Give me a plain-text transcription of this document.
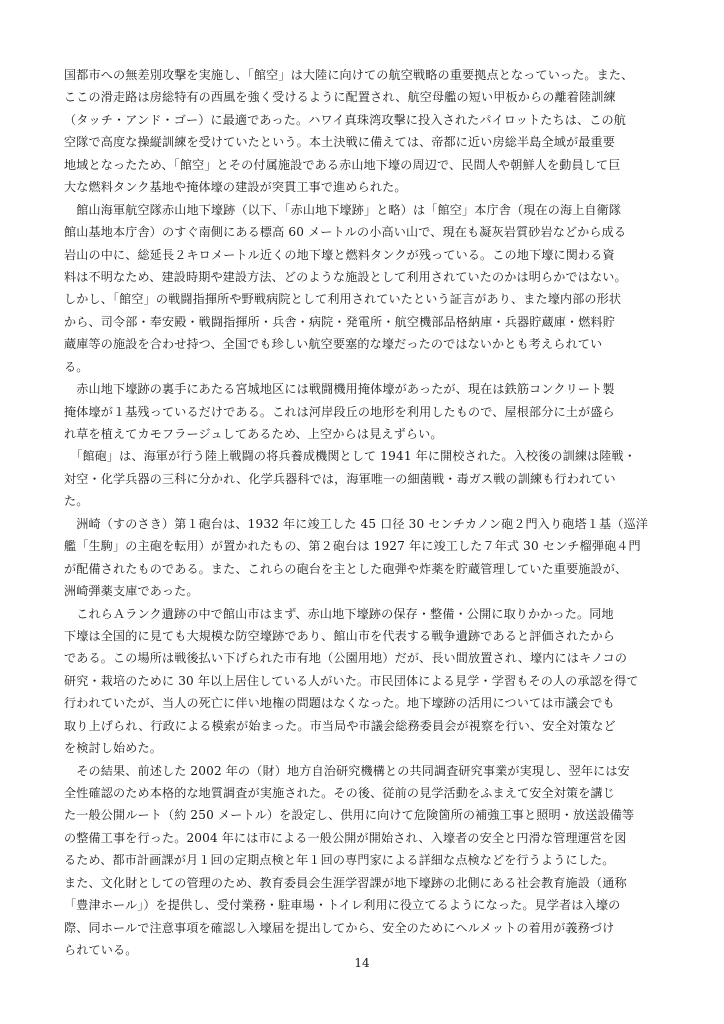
国都市への無差別攻撃を実施し、「館空」は大陸に向けての航空戦略の重要拠点となっていった。また、
ここの滑走路は房総特有の西風を強く受けるように配置され、航空母艦の短い甲板からの離着陸訓練
（タッチ・アンド・ゴー）に最適であった。ハワイ真珠湾攻撃に投入されたパイロットたちは、この航
空隊で高度な操縦訓練を受けていたという。本土決戦に備えては、帝都に近い房総半島全域が最重要
地域となったため、「館空」とその付属施設である赤山地下壕の周辺で、民間人や朝鮮人を動員して巨
大な燃料タンク基地や掩体壕の建設が突貫工事で進められた。
　館山海軍航空隊赤山地下壕跡（以下、「赤山地下壕跡」と略）は「館空」本庁舎（現在の海上自衛隊
館山基地本庁舎）のすぐ南側にある標高 60 メートルの小高い山で、現在も凝灰岩質砂岩などから成る
岩山の中に、総延長２キロメートル近くの地下壕と燃料タンクが残っている。この地下壕に関わる資
料は不明なため、建設時期や建設方法、どのような施設として利用されていたのかは明らかではない。
しかし、「館空」の戦闘指揮所や野戦病院として利用されていたという証言があり、また壕内部の形状
から、司令部・奉安殿・戦闘指揮所・兵舎・病院・発電所・航空機部品格納庫・兵器貯蔵庫・燃料貯
蔵庫等の施設を合わせ持つ、全国でも珍しい航空要塞的な壕だったのではないかとも考えられてい
る。
　赤山地下壕跡の裏手にあたる宮城地区には戦闘機用掩体壕があったが、現在は鉄筋コンクリート製
掩体壕が１基残っているだけである。これは河岸段丘の地形を利用したもので、屋根部分に土が盛ら
れ草を植えてカモフラージュしてあるため、上空からは見えずらい。
　「館砲」は、海軍が行う陸上戦闘の将兵養成機関として 1941 年に開校された。入校後の訓練は陸戦・
対空・化学兵器の三科に分かれ、化学兵器科では，海軍唯一の細菌戦・毒ガス戦の訓練も行われてい
た。
　洲崎（すのさき）第１砲台は、1932 年に竣工した 45 口径 30 センチカノン砲２門入り砲塔１基（巡洋
艦「生駒」の主砲を転用）が置かれたもの、第２砲台は 1927 年に竣工した７年式 30 センチ榴弾砲４門
が配備されたものである。また、これらの砲台を主とした砲弾や炸薬を貯蔵管理していた重要施設が、
洲崎弾薬支庫であった。
　これらＡランク遺跡の中で館山市はまず、赤山地下壕跡の保存・整備・公開に取りかかった。同地
下壕は全国的に見ても大規模な防空壕跡であり、館山市を代表する戦争遺跡であると評価されたから
である。この場所は戦後払い下げられた市有地（公園用地）だが、長い間放置され、壕内にはキノコの
研究・栽培のために 30 年以上居住している人がいた。市民団体による見学・学習もその人の承認を得て
行われていたが、当人の死亡に伴い地権の問題はなくなった。地下壕跡の活用については市議会でも
取り上げられ、行政による模索が始まった。市当局や市議会総務委員会が視察を行い、安全対策など
を検討し始めた。
　その結果、前述した 2002 年の（財）地方自治研究機構との共同調査研究事業が実現し、翌年には安
全性確認のため本格的な地質調査が実施された。その後、従前の見学活動をふまえて安全対策を講じ
た一般公開ルート（約 250 メートル）を設定し、供用に向けて危険箇所の補強工事と照明・放送設備等
の整備工事を行った。2004 年には市による一般公開が開始され、入壕者の安全と円滑な管理運営を図
るため、都市計画課が月１回の定期点検と年１回の専門家による詳細な点検などを行うようにした。
また、文化財としての管理のため、教育委員会生涯学習課が地下壕跡の北側にある社会教育施設（通称
「豊津ホール」）を提供し、受付業務・駐車場・トイレ利用に役立てるようになった。見学者は入壕の
際、同ホールで注意事項を確認し入壕届を提出してから、安全のためにヘルメットの着用が義務づけ
られている。
14
